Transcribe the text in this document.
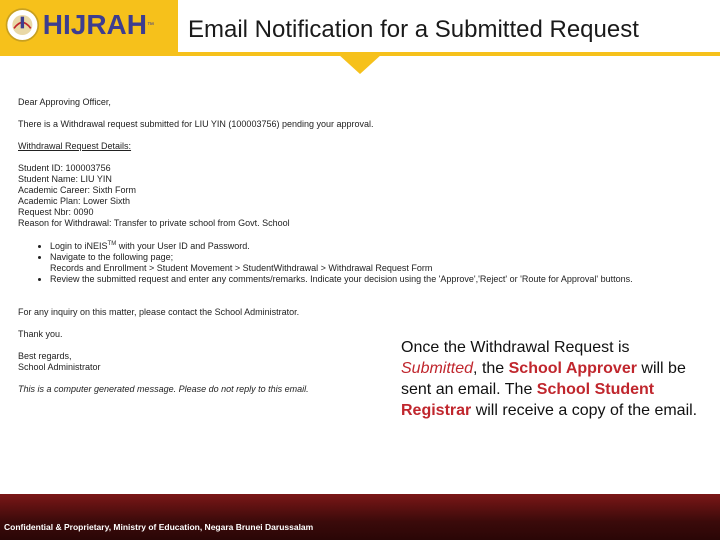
HIJRAH ™ Email Notification for a Submitted Request

Dear Approving Officer,

There is a Withdrawal request submitted for LIU YIN (100003756) pending your approval.

Withdrawal Request Details:

Student ID: 100003756

Student Name: LIU YIN

Academic Career: Sixth Form

Academic Plan: Lower Sixth

Request Nbr: 0090

Reason for Withdrawal: Transfer to private school from Govt. School

• Login to iNEIS™ with your User ID and Password.
• Navigate to the following page;
Records and Enrollment > Student Movement > StudentWithdrawal > Withdrawal Request Form
• Review the submitted request and enter any comments/remarks. Indicate your decision using the 'Approve','Reject' or 'Route for Approval' buttons.

For any inquiry on this matter, please contact the School Administrator.

Thank you.

Best regards,

School Administrator

This is a computer generated message. Please do not reply to this email.

Once the Withdrawal Request is Submitted, the School Approver will be sent an email. The School Student Registrar will receive a copy of the email.
Confidential & Proprietary, Ministry of Education, Negara Brunei Darussalam
